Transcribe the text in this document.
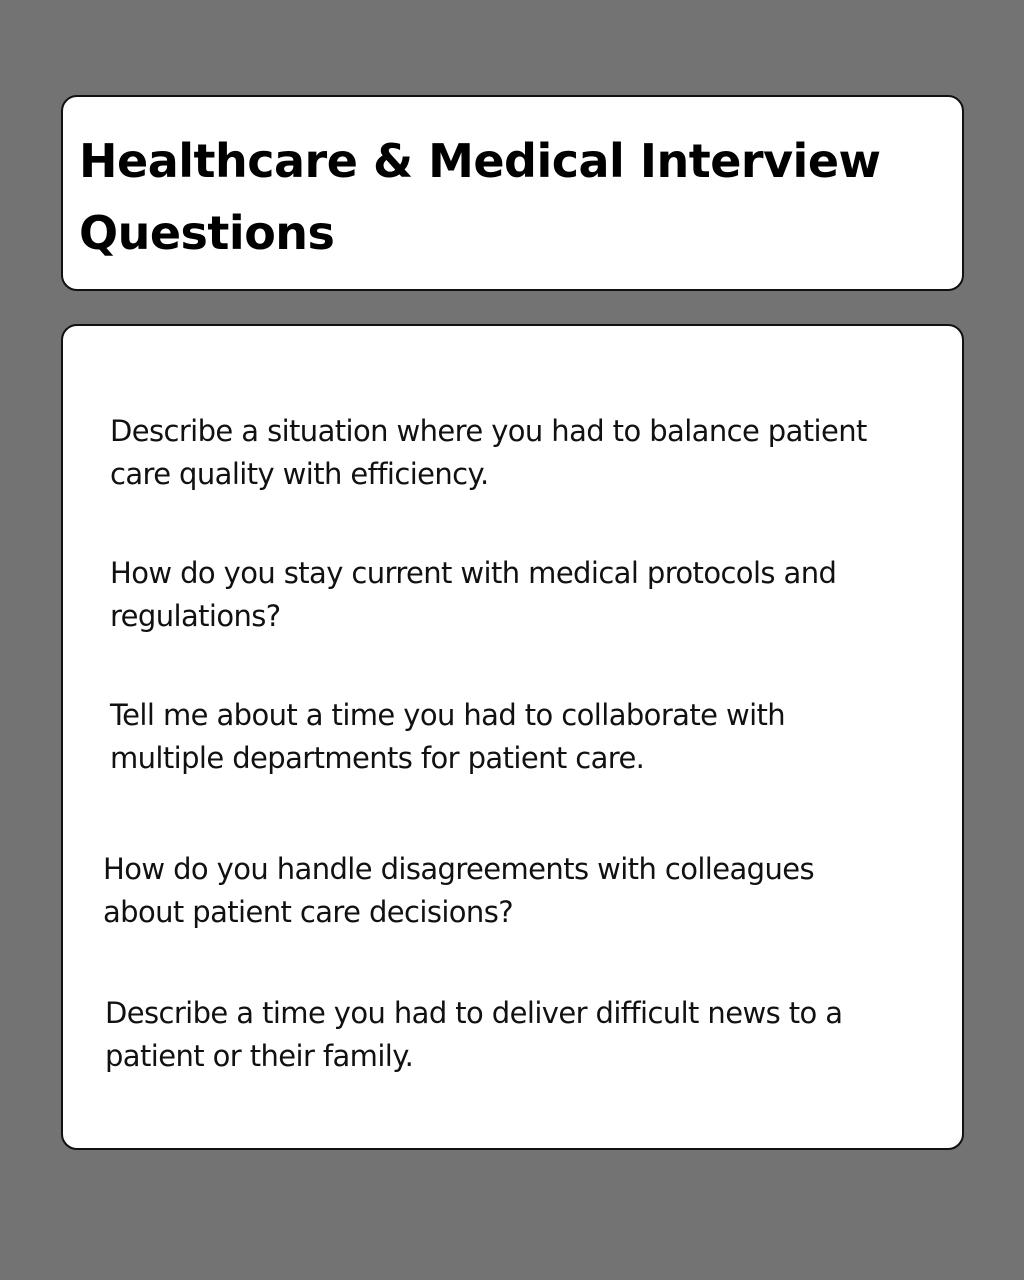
Healthcare & Medical Interview Questions

Describe a situation where you had to balance patient care quality with efficiency.

How do you stay current with medical protocols and regulations?

Tell me about a time you had to collaborate with multiple departments for patient care.

How do you handle disagreements with colleagues about patient care decisions?

Describe a time you had to deliver difficult news to a patient or their family.
